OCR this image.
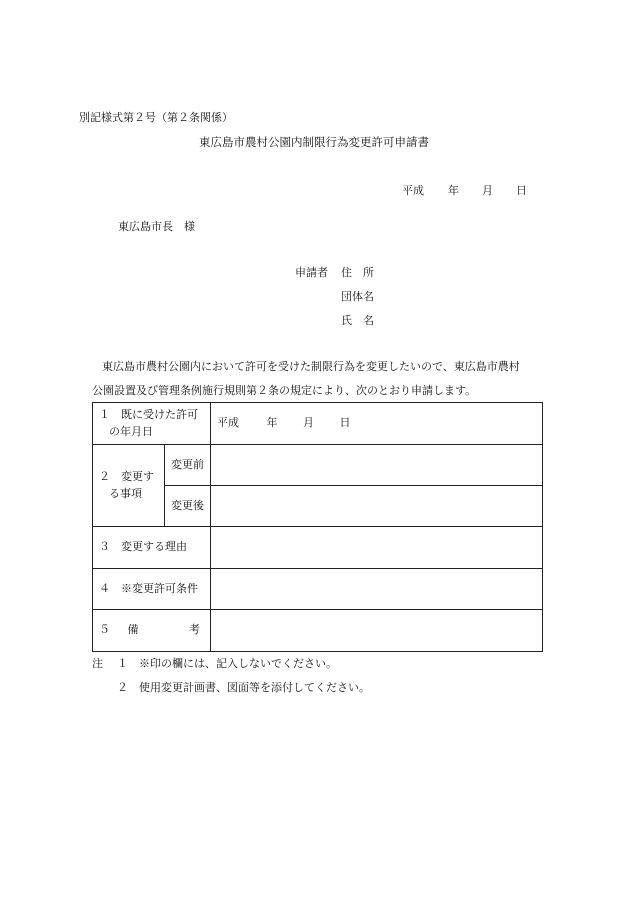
別記様式第２号（第２条関係）
東広島市農村公園内制限行為変更許可申請書
平成 年 月 日
東広島市長　様
申請者 住　所
団体名
氏　名
東広島市農村公園内において許可を受けた制限行為を変更したいので、東広島市農村
公園設置及び管理条例施行規則第２条の規定により、次のとおり申請します。
１　既に受けた許可
の年月日		平成 年 月 日

２　変更す
る事項	変更前	
	変更後	
３　変更する理由		
４　※変更許可条件		

５ 備 考		

注 １ ※印の欄には、記入しないでください。
２ 使用変更計画書、図面等を添付してください。
